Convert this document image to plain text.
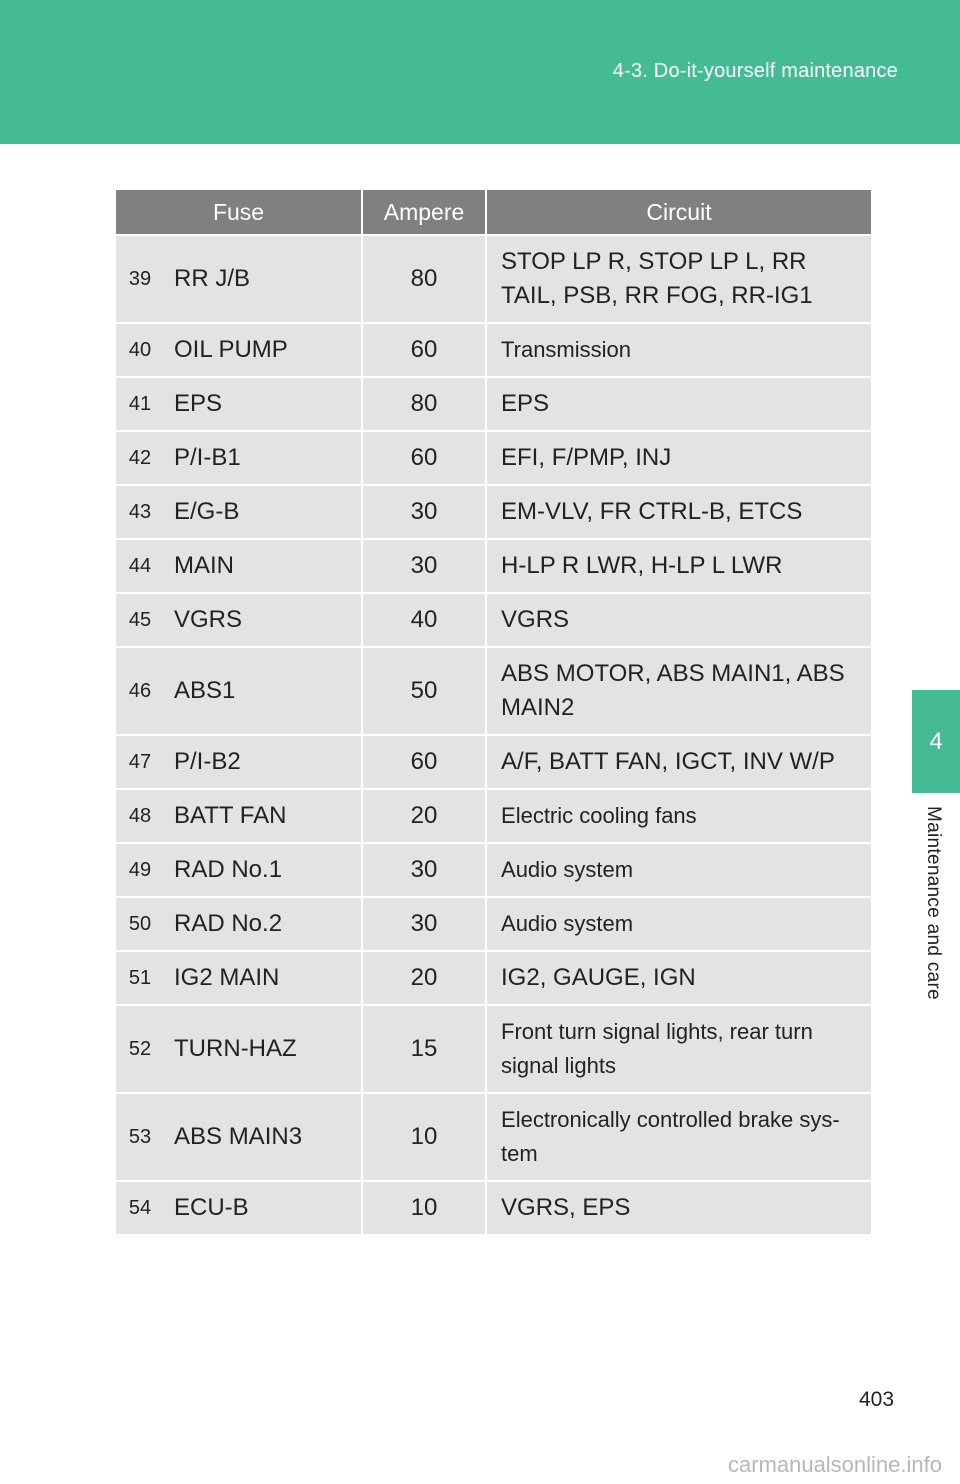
4-3. Do-it-yourself maintenance
4
Maintenance and care
Fuse		Ampere	Circuit
39	RR J/B	80	STOP LP R, STOP LP L, RR TAIL, PSB, RR FOG, RR-IG1
40	OIL PUMP	60	Transmission
41	EPS	80	EPS
42	P/I-B1	60	EFI, F/PMP, INJ
43	E/G-B	30	EM-VLV, FR CTRL-B, ETCS
44	MAIN	30	H-LP R LWR, H-LP L LWR
45	VGRS	40	VGRS
46	ABS1	50	ABS MOTOR, ABS MAIN1, ABS MAIN2
47	P/I-B2	60	A/F, BATT FAN, IGCT, INV W/P
48	BATT FAN	20	Electric cooling fans
49	RAD No.1	30	Audio system
50	RAD No.2	30	Audio system
51	IG2 MAIN	20	IG2, GAUGE, IGN
52	TURN-HAZ	15	Front turn signal lights, rear turn signal lights
53	ABS MAIN3	10	Electronically controlled brake sys-tem
54	ECU-B	10	VGRS, EPS
403
carmanualsonline.info
